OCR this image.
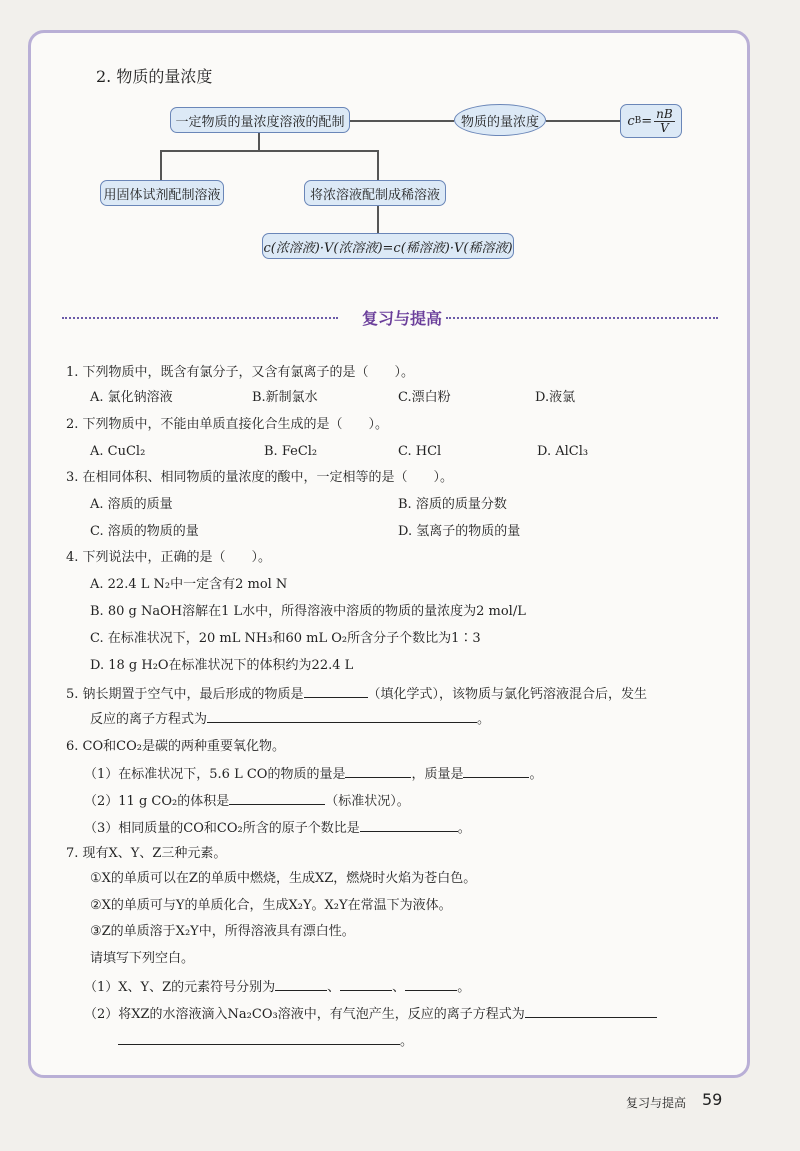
2. 物质的量浓度
一定物质的量浓度溶液的配制	物质的量浓度	c $B = \frac{nB}{V}$
用固体试剂配制溶液	将浓溶液配制成稀溶液
c(浓溶液)·V(浓溶液)=c(稀溶液)·V(稀溶液)
复习与提高
1. 下列物质中，既含有氯分子，又含有氯离子的是（　　）。
A. 氯化钠溶液	B.新制氯水	C.漂白粉	D.液氯
2. 下列物质中，不能由单质直接化合生成的是（　　）。
A. CuCl₂	B. FeCl₂	C. HCl	D. AlCl₃
3. 在相同体积、相同物质的量浓度的酸中，一定相等的是（　　）。
A. 溶质的质量	B. 溶质的质量分数
C. 溶质的物质的量	D. 氢离子的物质的量
4. 下列说法中，正确的是（　　）。
A. 22.4 L N₂中一定含有2 mol N
B. 80 g NaOH溶解在1 L水中，所得溶液中溶质的物质的量浓度为2 mol/L
C. 在标准状况下，20 mL NH₃和60 mL O₂所含分子个数比为1∶3
D. 18 g H₂O在标准状况下的体积约为22.4 L
5. 钠长期置于空气中，最后形成的物质是	（填化学式），该物质与氯化钙溶液混合后，发生
反应的离子方程式为	。
6. CO和CO₂是碳的两种重要氧化物。
（1）在标准状况下，5.6 L CO的物质的量是	，质量是	。
（2）11 g CO₂的体积是	（标准状况）。
（3）相同质量的CO和CO₂所含的原子个数比是	。
7. 现有X、Y、Z三种元素。
①X的单质可以在Z的单质中燃烧，生成XZ，燃烧时火焰为苍白色。
②X的单质可与Y的单质化合，生成X₂Y。X₂Y在常温下为液体。
③Z的单质溶于X₂Y中，所得溶液具有漂白性。
请填写下列空白。
（1）X、Y、Z的元素符号分别为	、	、	。
（2）将XZ的水溶液滴入Na₂CO₃溶液中，有气泡产生，反应的离子方程式为
。
复习与提高 59
